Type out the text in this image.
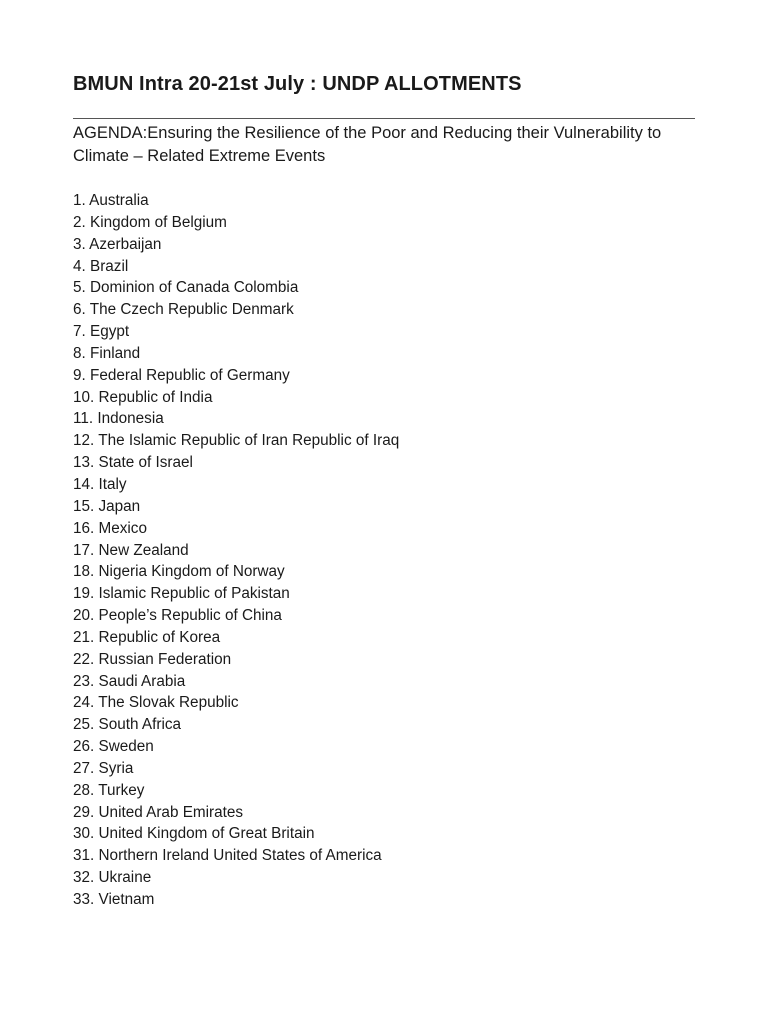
BMUN Intra 20-21st July : UNDP ALLOTMENTS
AGENDA:Ensuring the Resilience of the Poor and Reducing their Vulnerability to Climate – Related Extreme Events
1. Australia
2. Kingdom of Belgium
3. Azerbaijan
4. Brazil
5. Dominion of Canada Colombia
6. The Czech Republic Denmark
7. Egypt
8. Finland
9. Federal Republic of Germany
10. Republic of India
11. Indonesia
12. The Islamic Republic of Iran Republic of Iraq
13. State of Israel
14. Italy
15. Japan
16. Mexico
17. New Zealand
18. Nigeria Kingdom of Norway
19. Islamic Republic of Pakistan
20. People’s Republic of China
21. Republic of Korea
22. Russian Federation
23. Saudi Arabia
24. The Slovak Republic
25. South Africa
26. Sweden
27. Syria
28. Turkey
29. United Arab Emirates
30. United Kingdom of Great Britain
31. Northern Ireland United States of America
32. Ukraine
33. Vietnam
